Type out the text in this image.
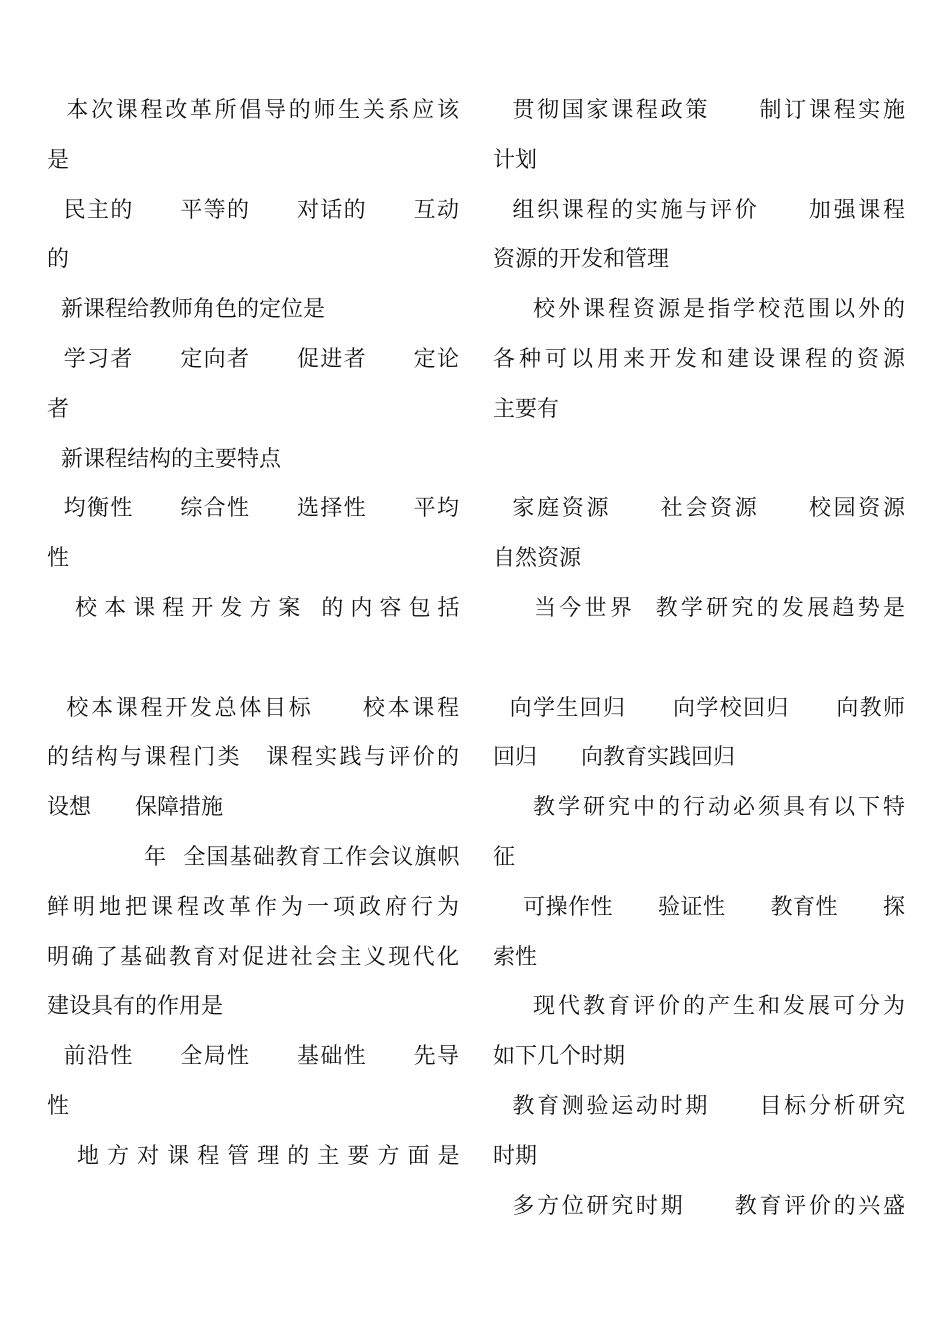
本次课程改革所倡导的师生关系应该
是
民主的　　平等的　　对话的　　互动
的
新课程给教师角色的定位是
学习者　　定向者　　促进者　　定论
者
新课程结构的主要特点
均衡性　　综合性　　选择性　　平均
性
校 本 课 程 开 发 方 案   的 内 容 包 括
校本课程开发总体目标　　校本课程
的结构与课程门类　课程实践与评价的
设想　　保障措施
年  全国基础教育工作会议旗帜
鲜明地把课程改革作为一项政府行为
明确了基础教育对促进社会主义现代化
建设具有的作用是
前沿性　　全局性　　基础性　　先导
性
地 方 对 课 程 管 理 的 主 要 方 面 是
贯彻国家课程政策　　制订课程实施
计划
组织课程的实施与评价　　加强课程
资源的开发和管理
校外课程资源是指学校范围以外的
各种可以用来开发和建设课程的资源
主要有
家庭资源　　社会资源　　校园资源
自然资源
当今世界  教学研究的发展趋势是
向学生回归　　向学校回归　　向教师
回归　　向教育实践回归
教学研究中的行动必须具有以下特
征
可操作性　　验证性　　教育性　　探
索性
现代教育评价的产生和发展可分为
如下几个时期
教育测验运动时期　　目标分析研究
时期
多方位研究时期　　教育评价的兴盛
